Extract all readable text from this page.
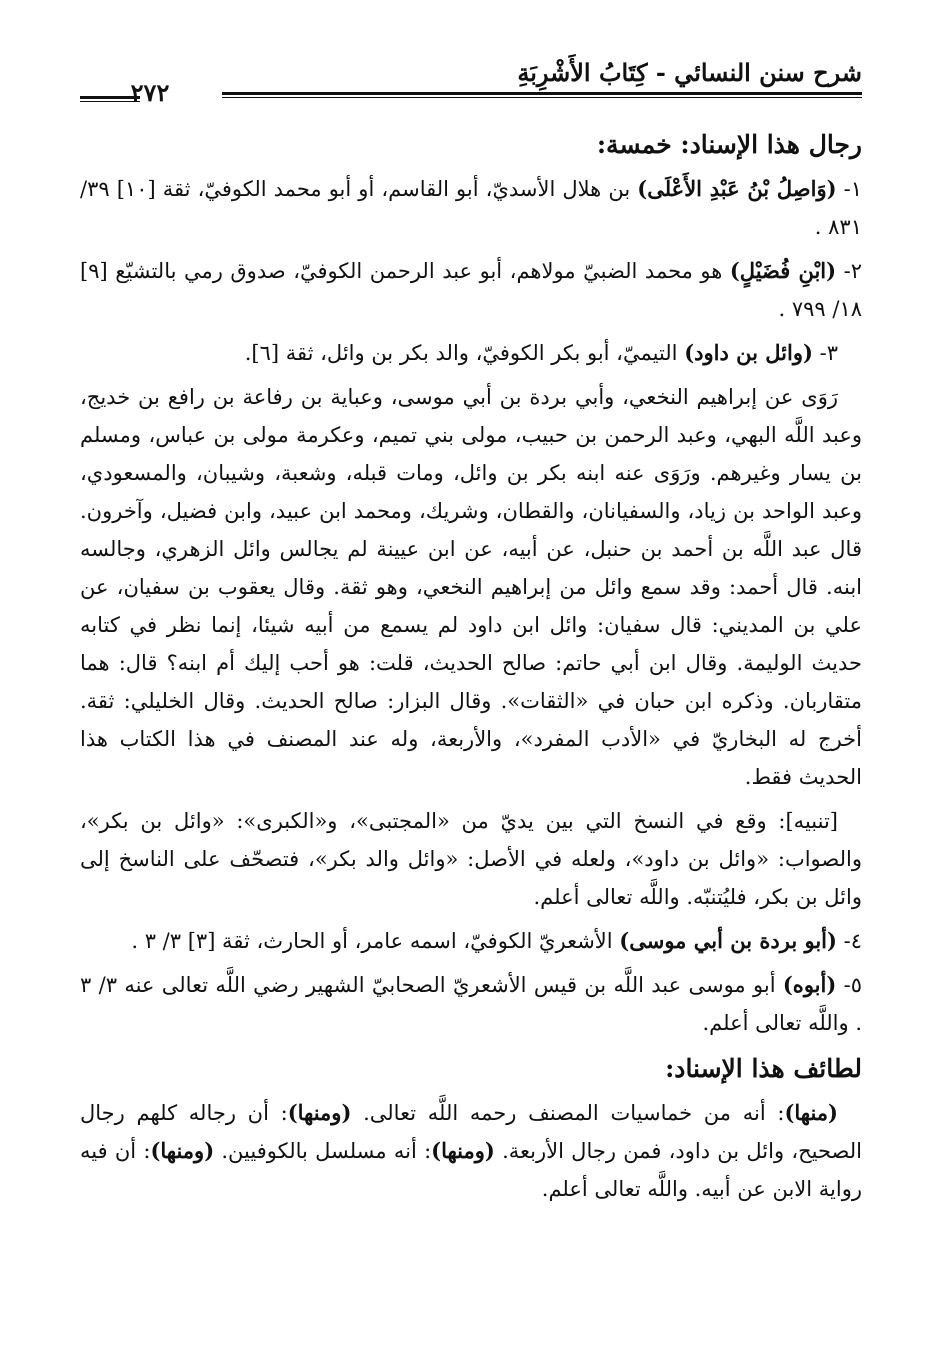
شرح سنن النسائي - كِتَابُ الأَشْرِبَةِ
٢٧٢
رجال هذا الإسناد: خمسة:

١- (وَاصِلُ بْنُ عَبْدِ الأَعْلَى) بن هلال الأسديّ، أبو القاسم، أو أبو محمد الكوفيّ، ثقة [١٠] ٣٩/ ٨٣١ .

٢- (ابْنِ فُضَيْلٍ) هو محمد الضبيّ مولاهم، أبو عبد الرحمن الكوفيّ، صدوق رمي بالتشيّع [٩] ١٨/ ٧٩٩ .

٣- (وائل بن داود) التيميّ، أبو بكر الكوفيّ، والد بكر بن وائل، ثقة [٦].

رَوَى عن إبراهيم النخعي، وأبي بردة بن أبي موسى، وعباية بن رفاعة بن رافع بن خديج، وعبد اللَّه البهي، وعبد الرحمن بن حبيب، مولى بني تميم، وعكرمة مولى بن عباس، ومسلم بن يسار وغيرهم. ورَوَى عنه ابنه بكر بن وائل، ومات قبله، وشعبة، وشيبان، والمسعودي، وعبد الواحد بن زياد، والسفيانان، والقطان، وشريك، ومحمد ابن عبيد، وابن فضيل، وآخرون. قال عبد اللَّه بن أحمد بن حنبل، عن أبيه، عن ابن عيينة لم يجالس وائل الزهري، وجالسه ابنه. قال أحمد: وقد سمع وائل من إبراهيم النخعي، وهو ثقة. وقال يعقوب بن سفيان، عن علي بن المديني: قال سفيان: وائل ابن داود لم يسمع من أبيه شيئا، إنما نظر في كتابه حديث الوليمة. وقال ابن أبي حاتم: صالح الحديث، قلت: هو أحب إليك أم ابنه؟ قال: هما متقاربان. وذكره ابن حبان في «الثقات». وقال البزار: صالح الحديث. وقال الخليلي: ثقة. أخرج له البخاريّ في «الأدب المفرد»، والأربعة، وله عند المصنف في هذا الكتاب هذا الحديث فقط.

[تنبيه]: وقع في النسخ التي بين يديّ من «المجتبى»، و«الكبرى»: «وائل بن بكر»، والصواب: «وائل بن داود»، ولعله في الأصل: «وائل والد بكر»، فتصحّف على الناسخ إلى وائل بن بكر، فليُتنبّه. واللَّه تعالى أعلم.

٤- (أبو بردة بن أبي موسى) الأشعريّ الكوفيّ، اسمه عامر، أو الحارث، ثقة [٣] ٣/ ٣ .

٥- (أبوه) أبو موسى عبد اللَّه بن قيس الأشعريّ الصحابيّ الشهير رضي اللَّه تعالى عنه ٣/ ٣ . واللَّه تعالى أعلم.

لطائف هذا الإسناد:

(منها): أنه من خماسيات المصنف رحمه اللَّه تعالى. (ومنها): أن رجاله كلهم رجال الصحيح، وائل بن داود، فمن رجال الأربعة. (ومنها): أنه مسلسل بالكوفيين. (ومنها): أن فيه رواية الابن عن أبيه. واللَّه تعالى أعلم.
